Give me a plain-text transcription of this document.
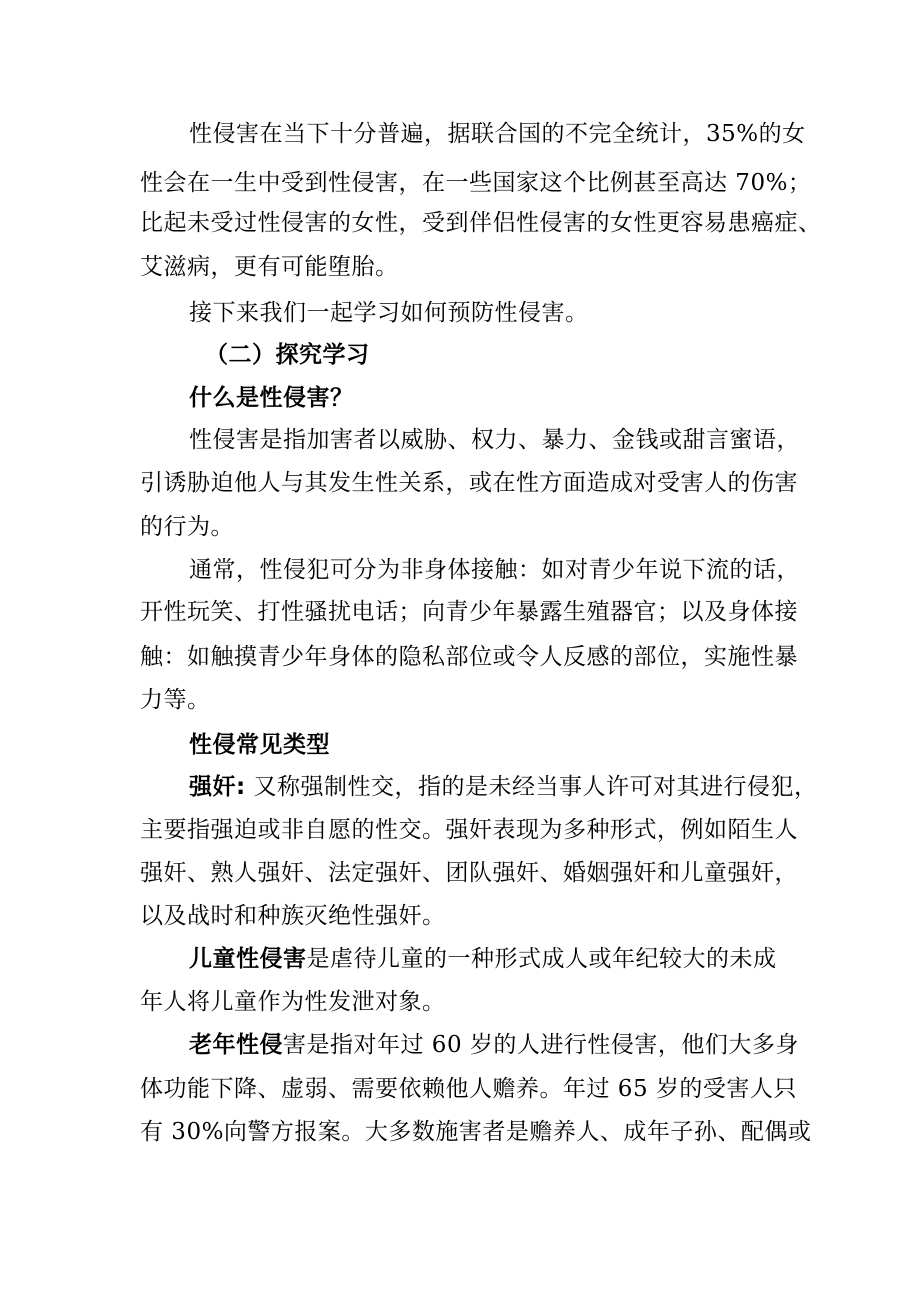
性侵害在当下十分普遍，据联合国的不完全统计，35%的女
性会在一生中受到性侵害，在一些国家这个比例甚至高达 70%；
比起未受过性侵害的女性，受到伴侣性侵害的女性更容易患癌症、
艾滋病，更有可能堕胎。
接下来我们一起学习如何预防性侵害。
（二）探究学习
什么是性侵害？
性侵害是指加害者以威胁、权力、暴力、金钱或甜言蜜语，
引诱胁迫他人与其发生性关系，或在性方面造成对受害人的伤害
的行为。
通常，性侵犯可分为非身体接触：如对青少年说下流的话，
开性玩笑、打性骚扰电话；向青少年暴露生殖器官；以及身体接
触：如触摸青少年身体的隐私部位或令人反感的部位，实施性暴
力等。
性侵常见类型
强奸: 又称强制性交，指的是未经当事人许可对其进行侵犯，
主要指强迫或非自愿的性交。强奸表现为多种形式，例如陌生人
强奸、熟人强奸、法定强奸、团队强奸、婚姻强奸和儿童强奸，
以及战时和种族灭绝性强奸。
儿童性侵害是虐待儿童的一种形式成人或年纪较大的未成
年人将儿童作为性发泄对象。
老年性侵害是指对年过 60 岁的人进行性侵害，他们大多身
体功能下降、虚弱、需要依赖他人赡养。年过 65 岁的受害人只
有 30%向警方报案。大多数施害者是赡养人、成年子孙、配偶或
